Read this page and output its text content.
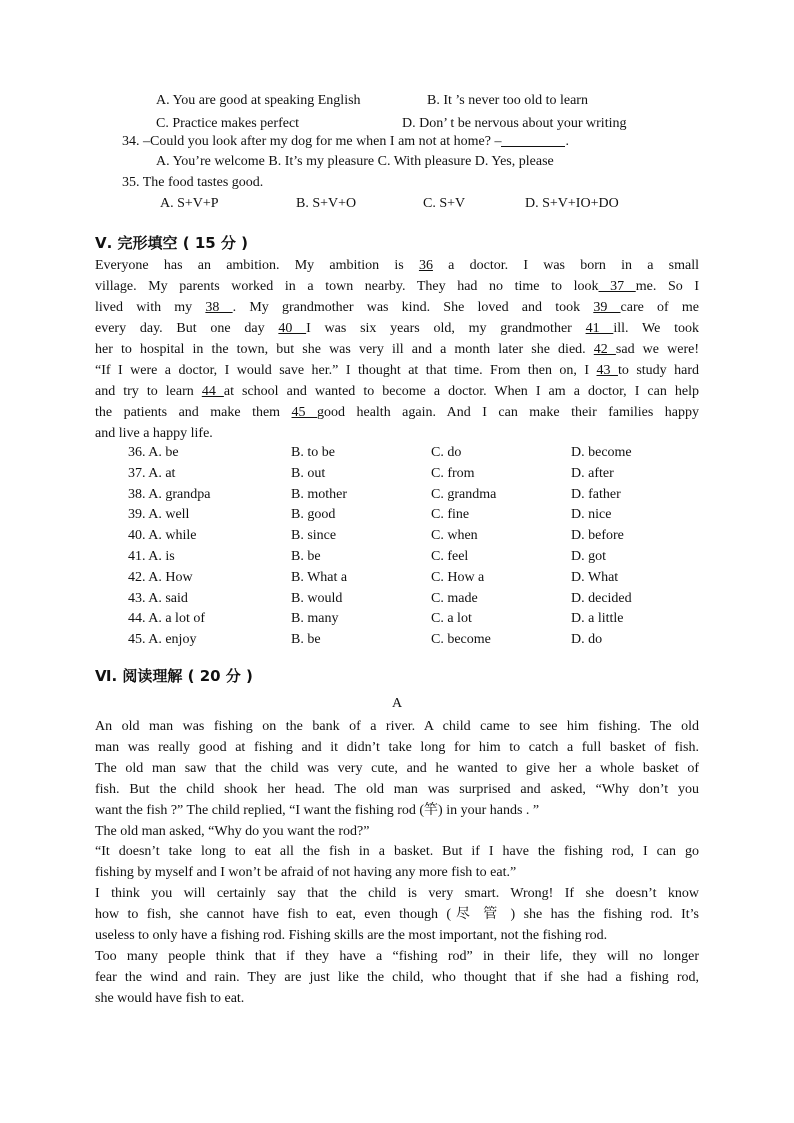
A. You are good at speaking English	B. It ’s never too old to learn
C. Practice makes perfect	D. Don’ t be nervous about your writing
34. –Could you look after my dog for me when I am not at home? –	.
A. You’re welcome B. It’s my pleasure C. With pleasure D. Yes, please
35. The food tastes good.
A. S+V+P	B. S+V+O	C. S+V	D. S+V+IO+DO
Ⅴ. 完形填空 ( 15 分 )
Everyone has an ambition. My ambition is 36 a doctor. I was born in a small
village. My parents worked in a town nearby. They had no time to look 37 me. So I
lived with my 38 . My grandmother was kind. She loved and took 39 care of me
every day. But one day 40 I was six years old, my grandmother 41 ill. We took
her to hospital in the town, but she was very ill and a month later she died. 42 sad we were!
“If I were a doctor, I would save her.” I thought at that time. From then on, I 43 to study hard
and try to learn 44 at school and wanted to become a doctor. When I am a doctor, I can help
the patients and make them 45 good health again. And I can make their families happy
and live a happy life.
36. A. be	B. to be	C. do	D. become
37. A. at	B. out	C. from	D. after
38. A. grandpa	B. mother	C. grandma	D. father
39. A. well	B. good	C. fine	D. nice
40. A. while	B. since	C. when	D. before
41. A. is	B. be	C. feel	D. got
42. A. How	B. What a	C. How a	D. What
43. A. said	B. would	C. made	D. decided
44. A. a lot of	B. many	C. a lot	D. a little
45. A. enjoy	B. be	C. become	D. do
Ⅵ. 阅读理解 ( 20 分 )
A
An old man was fishing on the bank of a river. A child came to see him fishing. The old
man was really good at fishing and it didn’t take long for him to catch a full basket of fish.
The old man saw that the child was very cute, and he wanted to give her a whole basket of
fish. But the child shook her head. The old man was surprised and asked, “Why don’t you
want the fish ?” The child replied, “I want the fishing rod (竿) in your hands . ”
The old man asked, “Why do you want the rod?”
“It doesn’t take long to eat all the fish in a basket. But if I have the fishing rod, I can go
fishing by myself and I won’t be afraid of not having any more fish to eat.”
I think you will certainly say that the child is very smart. Wrong! If she doesn’t know
how to fish, she cannot have fish to eat, even though (尽 管 ) she has the fishing rod. It’s
useless to only have a fishing rod. Fishing skills are the most important, not the fishing rod.
Too many people think that if they have a “fishing rod” in their life, they will no longer
fear the wind and rain. They are just like the child, who thought that if she had a fishing rod,
she would have fish to eat.
